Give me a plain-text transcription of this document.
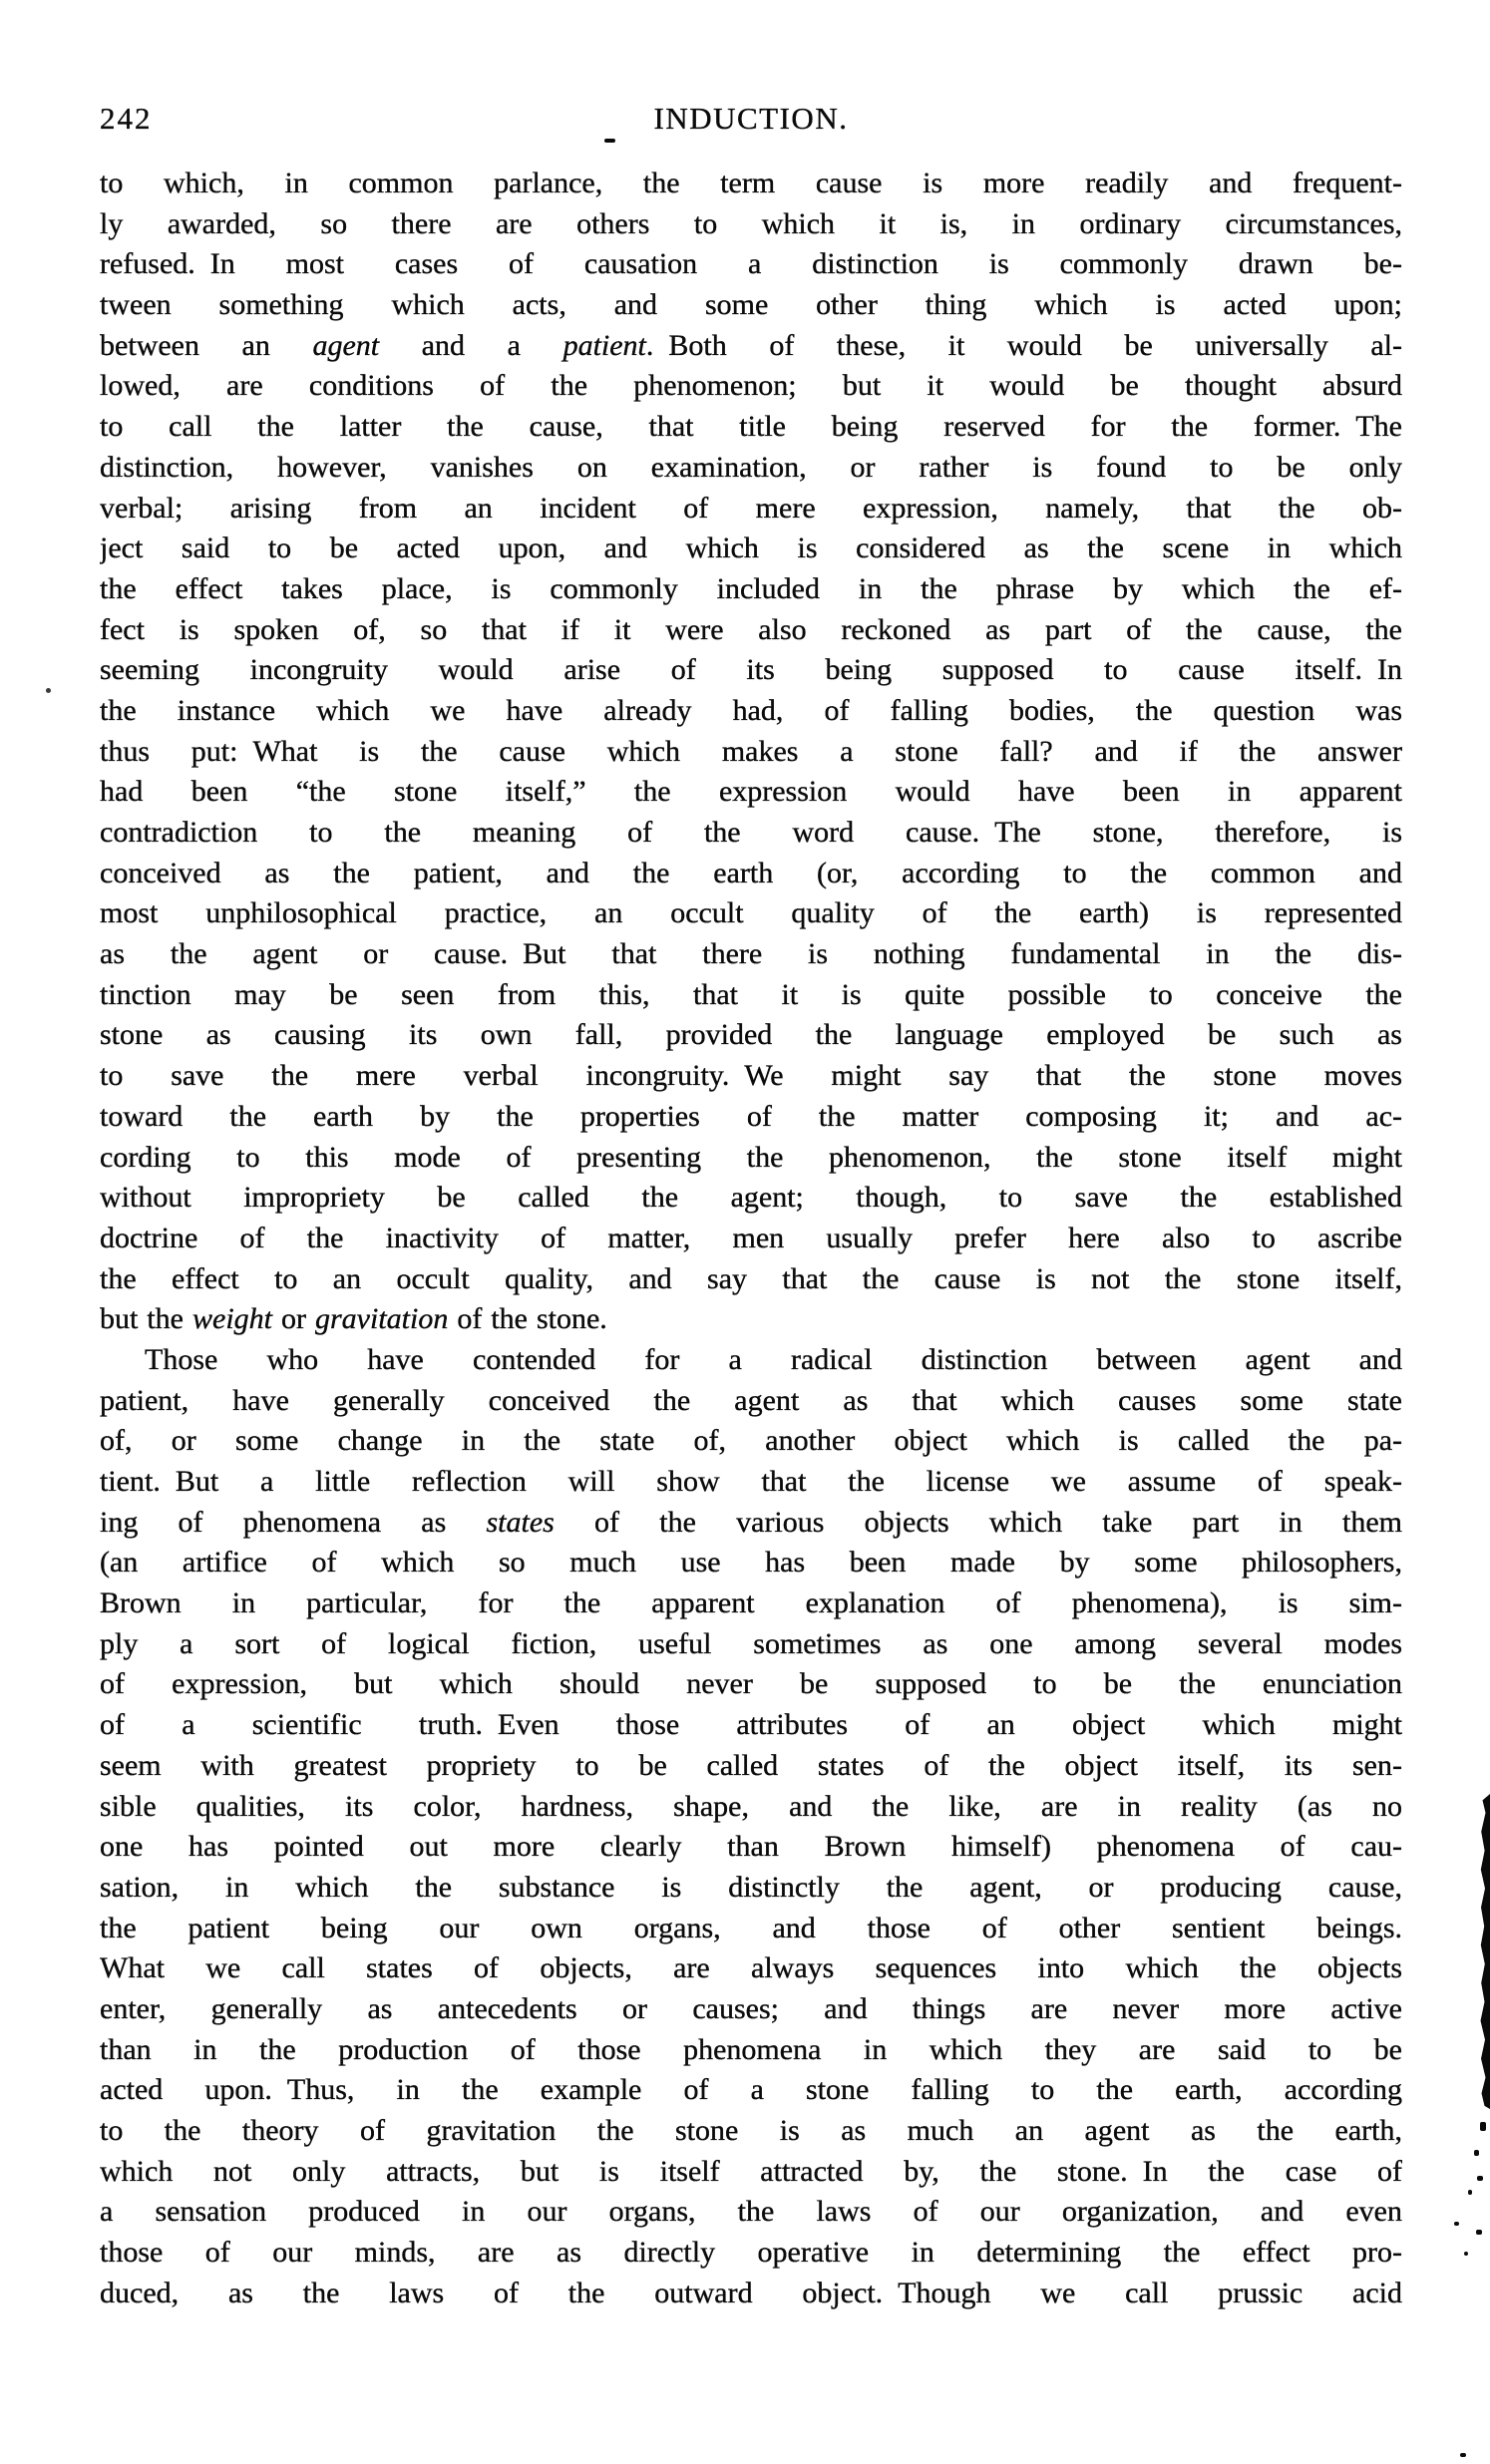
242	INDUCTION.
to which, in common parlance, the term cause is more readily and frequent-
ly awarded, so there are others to which it is, in ordinary circumstances,
refused. In most cases of causation a distinction is commonly drawn be-
tween something which acts, and some other thing which is acted upon;
between an agent and a patient. Both of these, it would be universally al-
lowed, are conditions of the phenomenon; but it would be thought absurd
to call the latter the cause, that title being reserved for the former. The
distinction, however, vanishes on examination, or rather is found to be only
verbal; arising from an incident of mere expression, namely, that the ob-
ject said to be acted upon, and which is considered as the scene in which
the effect takes place, is commonly included in the phrase by which the ef-
fect is spoken of, so that if it were also reckoned as part of the cause, the
seeming incongruity would arise of its being supposed to cause itself. In
the instance which we have already had, of falling bodies, the question was
thus put: What is the cause which makes a stone fall? and if the answer
had been “the stone itself,” the expression would have been in apparent
contradiction to the meaning of the word cause. The stone, therefore, is
conceived as the patient, and the earth (or, according to the common and
most unphilosophical practice, an occult quality of the earth) is represented
as the agent or cause. But that there is nothing fundamental in the dis-
tinction may be seen from this, that it is quite possible to conceive the
stone as causing its own fall, provided the language employed be such as
to save the mere verbal incongruity. We might say that the stone moves
toward the earth by the properties of the matter composing it; and ac-
cording to this mode of presenting the phenomenon, the stone itself might
without impropriety be called the agent; though, to save the established
doctrine of the inactivity of matter, men usually prefer here also to ascribe
the effect to an occult quality, and say that the cause is not the stone itself,
but the weight or gravitation of the stone.
Those who have contended for a radical distinction between agent and
patient, have generally conceived the agent as that which causes some state
of, or some change in the state of, another object which is called the pa-
tient. But a little reflection will show that the license we assume of speak-
ing of phenomena as states of the various objects which take part in them
(an artifice of which so much use has been made by some philosophers,
Brown in particular, for the apparent explanation of phenomena), is sim-
ply a sort of logical fiction, useful sometimes as one among several modes
of expression, but which should never be supposed to be the enunciation
of a scientific truth. Even those attributes of an object which might
seem with greatest propriety to be called states of the object itself, its sen-
sible qualities, its color, hardness, shape, and the like, are in reality (as no
one has pointed out more clearly than Brown himself) phenomena of cau-
sation, in which the substance is distinctly the agent, or producing cause,
the patient being our own organs, and those of other sentient beings.
What we call states of objects, are always sequences into which the objects
enter, generally as antecedents or causes; and things are never more active
than in the production of those phenomena in which they are said to be
acted upon. Thus, in the example of a stone falling to the earth, according
to the theory of gravitation the stone is as much an agent as the earth,
which not only attracts, but is itself attracted by, the stone. In the case of
a sensation produced in our organs, the laws of our organization, and even
those of our minds, are as directly operative in determining the effect pro-
duced, as the laws of the outward object. Though we call prussic acid
